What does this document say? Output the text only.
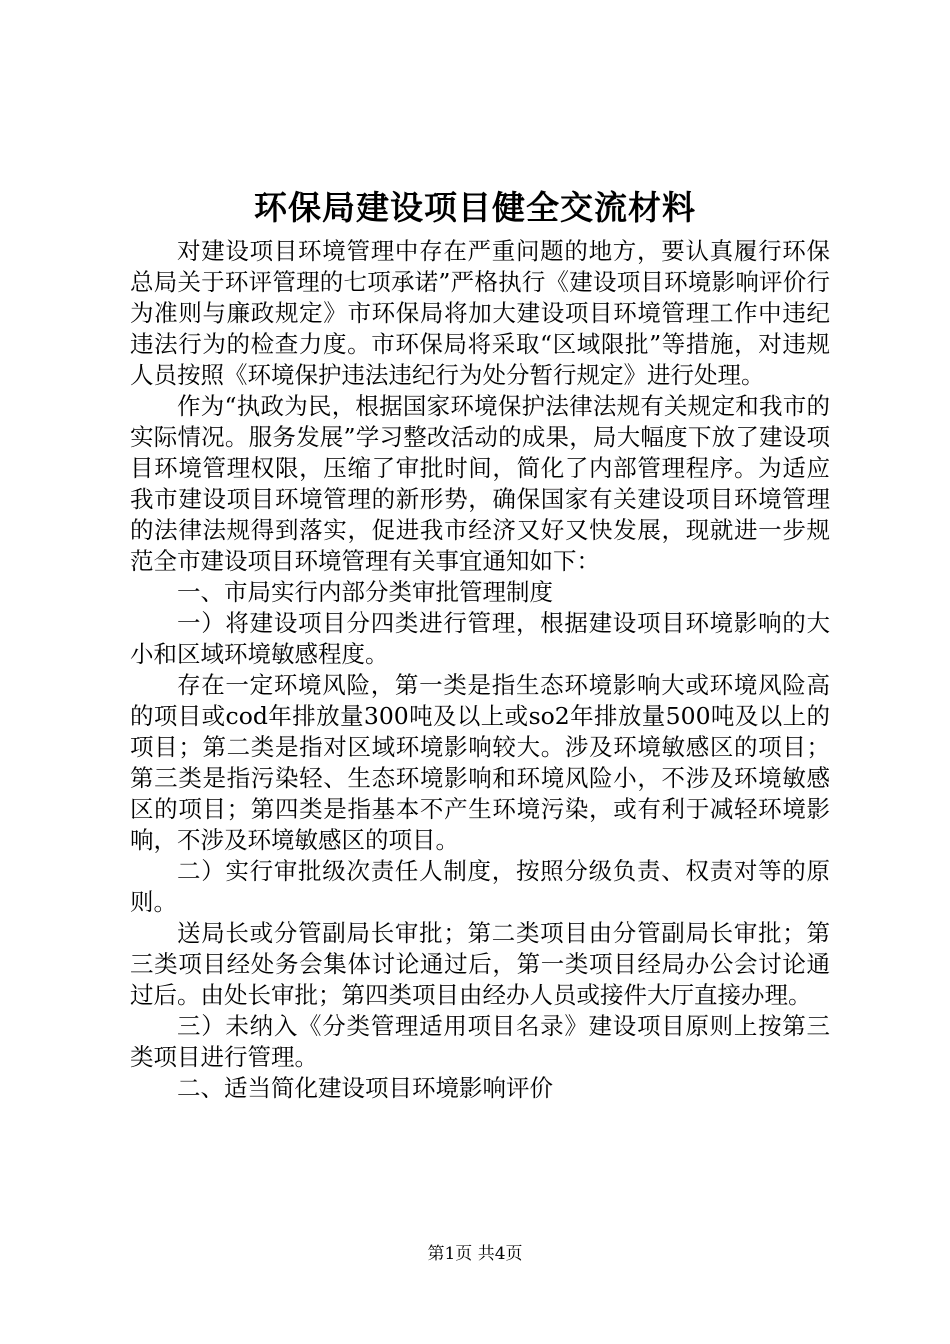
环保局建设项目健全交流材料

对建设项目环境管理中存在严重问题的地方，要认真履行环保总局关于环评管理的七项承诺”严格执行《建设项目环境影响评价行为准则与廉政规定》市环保局将加大建设项目环境管理工作中违纪违法行为的检查力度。市环保局将采取“区域限批”等措施，对违规人员按照《环境保护违法违纪行为处分暂行规定》进行处理。

作为“执政为民，根据国家环境保护法律法规有关规定和我市的实际情况。服务发展”学习整改活动的成果，局大幅度下放了建设项目环境管理权限，压缩了审批时间，简化了内部管理程序。为适应我市建设项目环境管理的新形势，确保国家有关建设项目环境管理的法律法规得到落实，促进我市经济又好又快发展，现就进一步规范全市建设项目环境管理有关事宜通知如下：

一、市局实行内部分类审批管理制度

一）将建设项目分四类进行管理，根据建设项目环境影响的大小和区域环境敏感程度。

存在一定环境风险，第一类是指生态环境影响大或环境风险高的项目或cod年排放量300吨及以上或so2年排放量500吨及以上的项目；第二类是指对区域环境影响较大。涉及环境敏感区的项目；第三类是指污染轻、生态环境影响和环境风险小，不涉及环境敏感区的项目；第四类是指基本不产生环境污染，或有利于减轻环境影响，不涉及环境敏感区的项目。

二）实行审批级次责任人制度，按照分级负责、权责对等的原则。

送局长或分管副局长审批；第二类项目由分管副局长审批；第三类项目经处务会集体讨论通过后，第一类项目经局办公会讨论通过后。由处长审批；第四类项目由经办人员或接件大厅直接办理。

三）未纳入《分类管理适用项目名录》建设项目原则上按第三类项目进行管理。

二、适当简化建设项目环境影响评价

第1页 共4页
